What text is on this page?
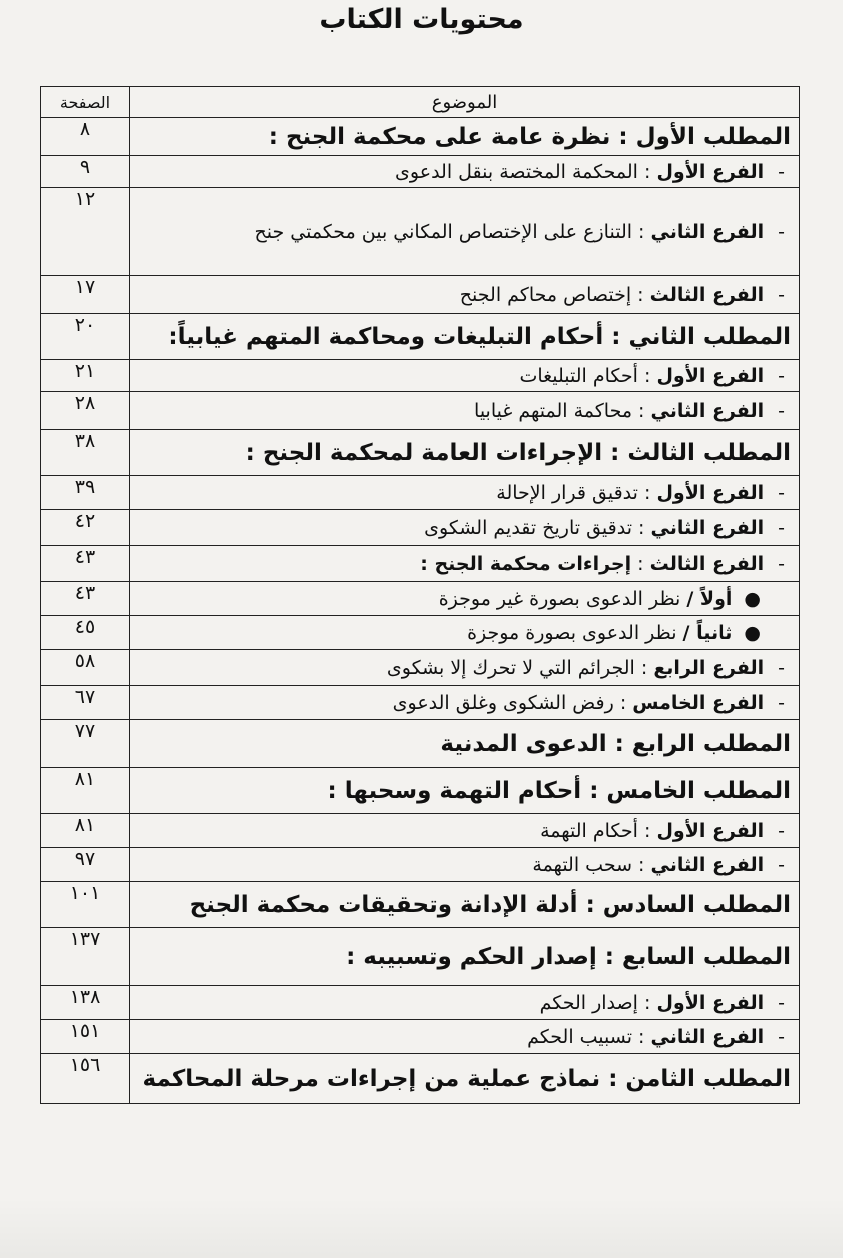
محتويات الكتاب
الموضوع	الصفحة
المطلب الأول : نظرة عامة على محكمة الجنح :	٨
-الفرع الأول : المحكمة المختصة بنقل الدعوى	٩
-الفرع الثاني : التنازع على الإختصاص المكاني بين محكمتي جنح	١٢
-الفرع الثالث : إختصاص محاكم الجنح	١٧
المطلب الثاني : أحكام التبليغات ومحاكمة المتهم غيابياً:	٢٠
-الفرع الأول : أحكام التبليغات	٢١
-الفرع الثاني : محاكمة المتهم غيابيا	٢٨
المطلب الثالث : الإجراءات العامة لمحكمة الجنح :	٣٨
-الفرع الأول : تدقيق قرار الإحالة	٣٩
-الفرع الثاني : تدقيق تاريخ تقديم الشكوى	٤٢
-الفرع الثالث : إجراءات محكمة الجنح :	٤٣
●أولاً / نظر الدعوى بصورة غير موجزة	٤٣
●ثانياً / نظر الدعوى بصورة موجزة	٤٥
-الفرع الرابع : الجرائم التي لا تحرك إلا بشكوى	٥٨
-الفرع الخامس : رفض الشكوى وغلق الدعوى	٦٧
المطلب الرابع : الدعوى المدنية	٧٧
المطلب الخامس : أحكام التهمة وسحبها :	٨١
-الفرع الأول : أحكام التهمة	٨١
-الفرع الثاني : سحب التهمة	٩٧
المطلب السادس : أدلة الإدانة وتحقيقات محكمة الجنح	١٠١
المطلب السابع : إصدار الحكم وتسبيبه :	١٣٧
-الفرع الأول : إصدار الحكم	١٣٨
-الفرع الثاني : تسبيب الحكم	١٥١
المطلب الثامن : نماذج عملية من إجراءات مرحلة المحاكمة	١٥٦
